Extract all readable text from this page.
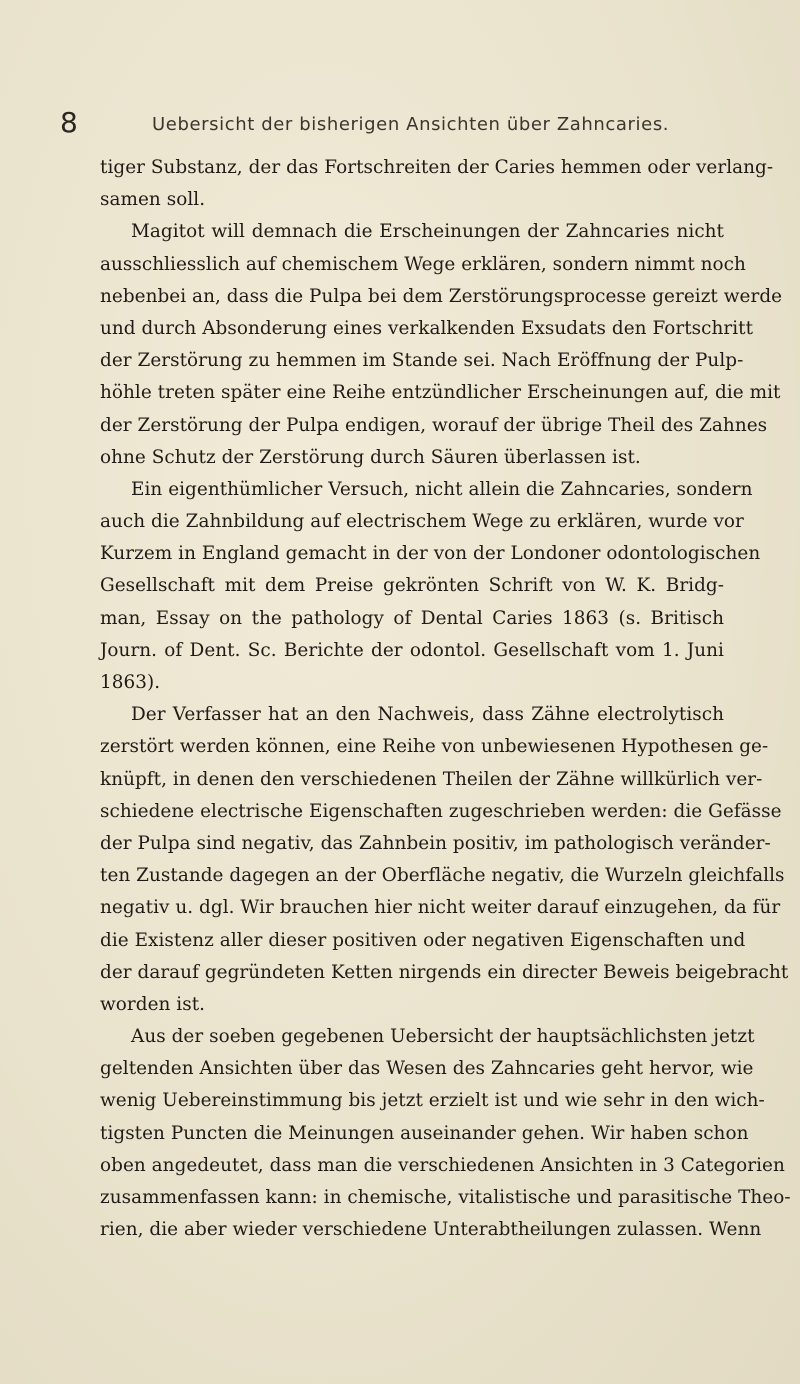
8	Uebersicht der bisherigen Ansichten über Zahncaries.
tiger Substanz, der das Fortschreiten der Caries hemmen oder verlang-
samen soll.
Magitot will demnach die Erscheinungen der Zahncaries nicht
ausschliesslich auf chemischem Wege erklären, sondern nimmt noch
nebenbei an, dass die Pulpa bei dem Zerstörungsprocesse gereizt werde
und durch Absonderung eines verkalkenden Exsudats den Fortschritt
der Zerstörung zu hemmen im Stande sei. Nach Eröffnung der Pulp-
höhle treten später eine Reihe entzündlicher Erscheinungen auf, die mit
der Zerstörung der Pulpa endigen, worauf der übrige Theil des Zahnes
ohne Schutz der Zerstörung durch Säuren überlassen ist.
Ein eigenthümlicher Versuch, nicht allein die Zahncaries, sondern
auch die Zahnbildung auf electrischem Wege zu erklären, wurde vor
Kurzem in England gemacht in der von der Londoner odontologischen
Gesellschaft mit dem Preise gekrönten Schrift von W. K. Bridg-
man, Essay on the pathology of Dental Caries 1863 (s. Britisch
Journ. of Dent. Sc. Berichte der odontol. Gesellschaft vom 1. Juni
1863).
Der Verfasser hat an den Nachweis, dass Zähne electrolytisch
zerstört werden können, eine Reihe von unbewiesenen Hypothesen ge-
knüpft, in denen den verschiedenen Theilen der Zähne willkürlich ver-
schiedene electrische Eigenschaften zugeschrieben werden: die Gefässe
der Pulpa sind negativ, das Zahnbein positiv, im pathologisch veränder-
ten Zustande dagegen an der Oberfläche negativ, die Wurzeln gleichfalls
negativ u. dgl. Wir brauchen hier nicht weiter darauf einzugehen, da für
die Existenz aller dieser positiven oder negativen Eigenschaften und
der darauf gegründeten Ketten nirgends ein directer Beweis beigebracht
worden ist.
Aus der soeben gegebenen Uebersicht der hauptsächlichsten jetzt
geltenden Ansichten über das Wesen des Zahncaries geht hervor, wie
wenig Uebereinstimmung bis jetzt erzielt ist und wie sehr in den wich-
tigsten Puncten die Meinungen auseinander gehen. Wir haben schon
oben angedeutet, dass man die verschiedenen Ansichten in 3 Categorien
zusammenfassen kann: in chemische, vitalistische und parasitische Theo-
rien, die aber wieder verschiedene Unterabtheilungen zulassen. Wenn
